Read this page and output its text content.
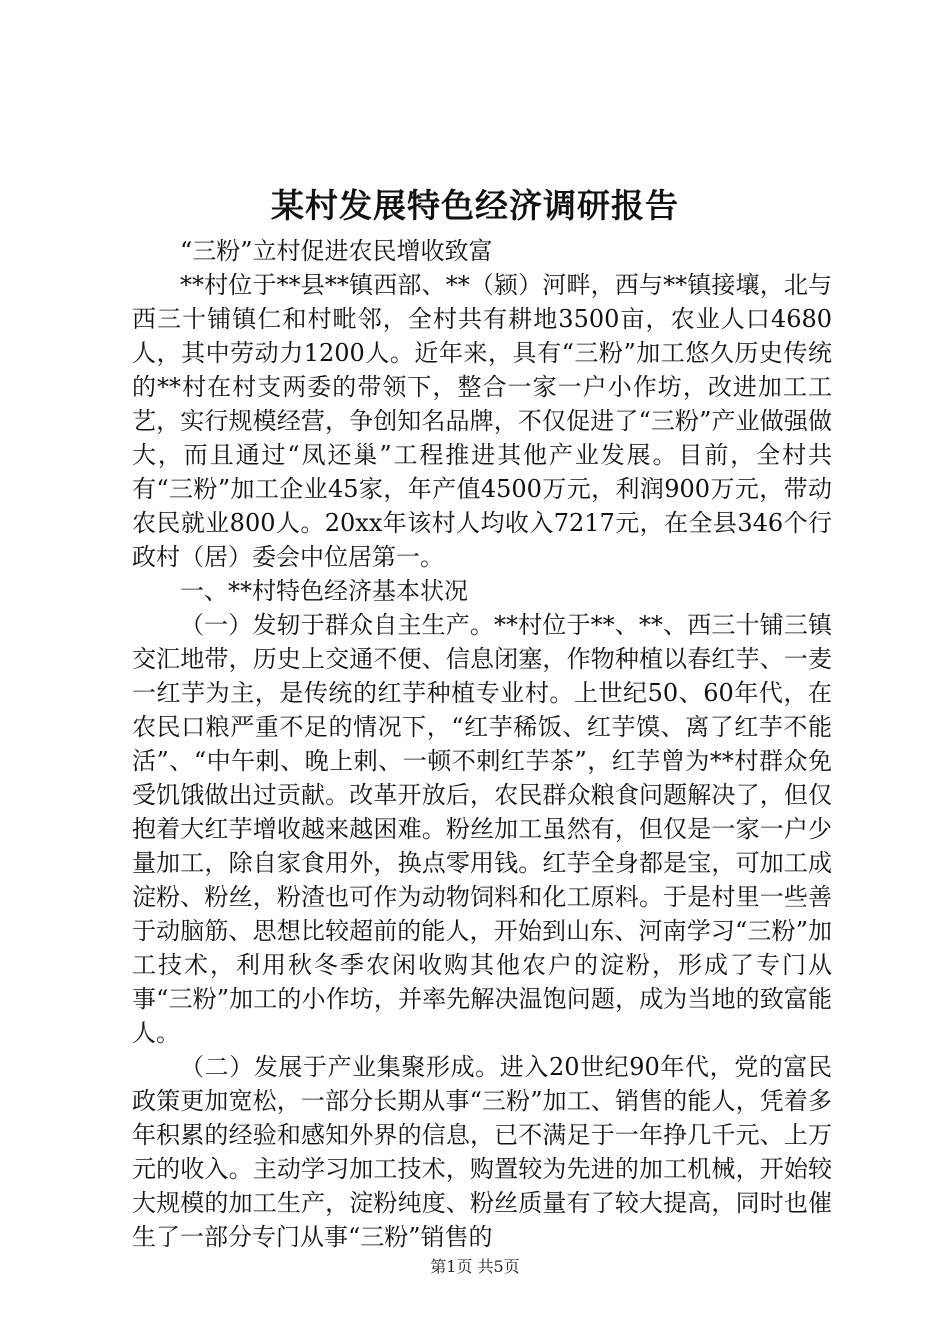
某村发展特色经济调研报告

“三粉”立村促进农民增收致富

**村位于**县**镇西部、**（颍）河畔，西与**镇接壤，北与西三十铺镇仁和村毗邻，全村共有耕地3500亩，农业人口4680人，其中劳动力1200人。近年来，具有“三粉”加工悠久历史传统的**村在村支两委的带领下，整合一家一户小作坊，改进加工工艺，实行规模经营，争创知名品牌，不仅促进了“三粉”产业做强做大，而且通过“凤还巢”工程推进其他产业发展。目前，全村共有“三粉”加工企业45家，年产值4500万元，利润900万元，带动农民就业800人。20xx年该村人均收入7217元，在全县346个行政村（居）委会中位居第一。

一、**村特色经济基本状况

（一）发轫于群众自主生产。**村位于**、**、西三十铺三镇交汇地带，历史上交通不便、信息闭塞，作物种植以春红芋、一麦一红芋为主，是传统的红芋种植专业村。上世纪50、60年代，在农民口粮严重不足的情况下，“红芋稀饭、红芋馍、离了红芋不能活”、“中午剌、晚上剌、一顿不剌红芋茶”，红芋曾为**村群众免受饥饿做出过贡献。改革开放后，农民群众粮食问题解决了，但仅抱着大红芋增收越来越困难。粉丝加工虽然有，但仅是一家一户少量加工，除自家食用外，换点零用钱。红芋全身都是宝，可加工成淀粉、粉丝，粉渣也可作为动物饲料和化工原料。于是村里一些善于动脑筋、思想比较超前的能人，开始到山东、河南学习“三粉”加工技术，利用秋冬季农闲收购其他农户的淀粉，形成了专门从事“三粉”加工的小作坊，并率先解决温饱问题，成为当地的致富能人。

（二）发展于产业集聚形成。进入20世纪90年代，党的富民政策更加宽松，一部分长期从事“三粉”加工、销售的能人，凭着多年积累的经验和感知外界的信息，已不满足于一年挣几千元、上万元的收入。主动学习加工技术，购置较为先进的加工机械，开始较大规模的加工生产，淀粉纯度、粉丝质量有了较大提高，同时也催生了一部分专门从事“三粉”销售的

第1页 共5页
